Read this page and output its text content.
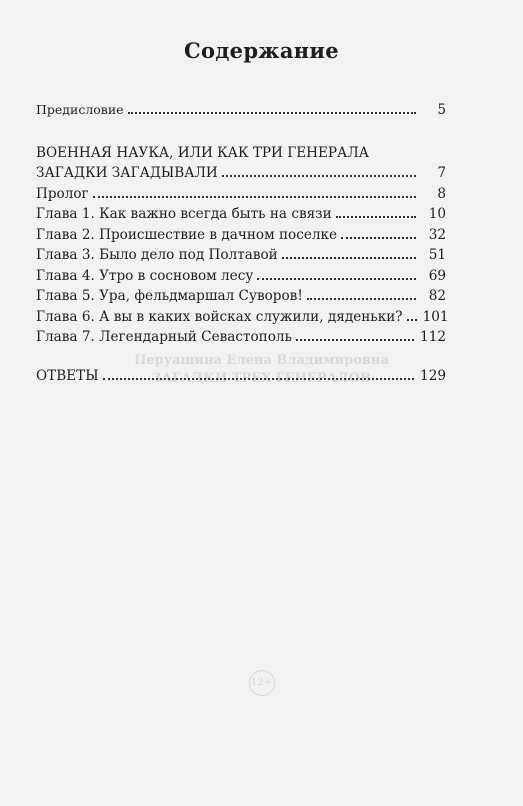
Содержание
Предисловие	5
ВОЕННАЯ НАУКА, ИЛИ КАК ТРИ ГЕНЕРАЛА
ЗАГАДКИ ЗАГАДЫВАЛИ	7
Пролог	8
Глава 1. Как важно всегда быть на связи	10
Глава 2. Происшествие в дачном поселке	32
Глава 3. Было дело под Полтавой	51
Глава 4. Утро в сосновом лесу	69
Глава 5. Ура, фельдмаршал Суворов!	82
Глава 6. А вы в каких войсках служили, дяденьки?	101
Глава 7. Легендарный Севастополь	112
ОТВЕТЫ	129
Перуашина Елена Владимировна
ЗАГАДКИ ТРЕХ ГЕНЕРАЛОВ
12+
